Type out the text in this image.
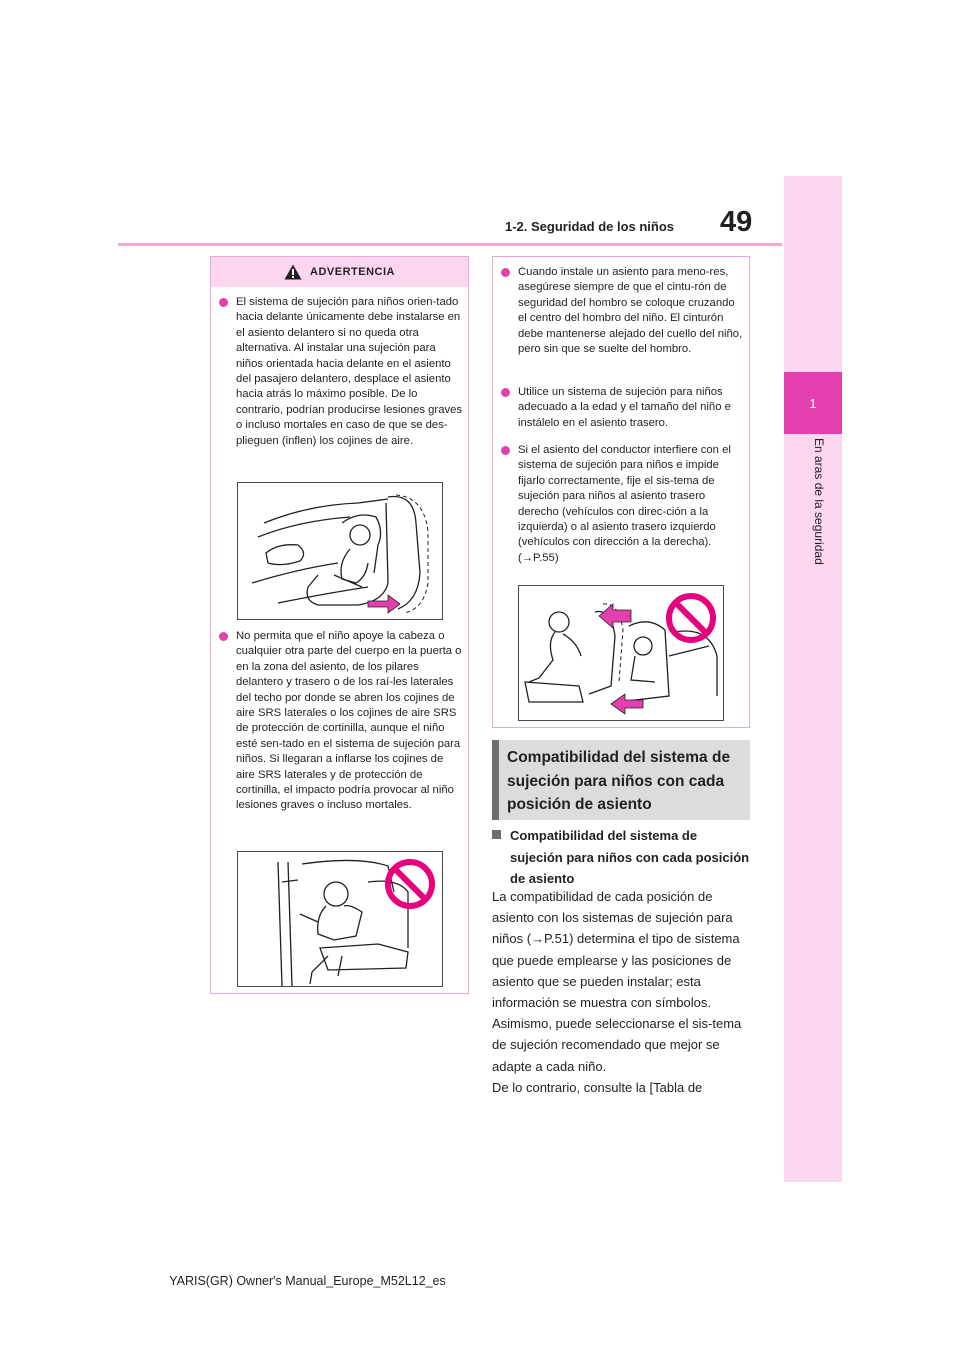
49
1-2. Seguridad de los niños
1
En aras de la seguridad
ADVERTENCIA
El sistema de sujeción para niños orien-tado hacia delante únicamente debe instalarse en el asiento delantero si no queda otra alternativa. Al instalar una sujeción para niños orientada hacia delante en el asiento del pasajero delantero, desplace el asiento hacia atrás lo máximo posible. De lo contrario, podrían producirse lesiones graves o incluso mortales en caso de que se des-plieguen (inflen) los cojines de aire.
No permita que el niño apoye la cabeza o cualquier otra parte del cuerpo en la puerta o en la zona del asiento, de los pilares delantero y trasero o de los raí-les laterales del techo por donde se abren los cojines de aire SRS laterales o los cojines de aire SRS de protección de cortinilla, aunque el niño esté sen-tado en el sistema de sujeción para niños. Si llegaran a inflarse los cojines de aire SRS laterales y de protección de cortinilla, el impacto podría provocar al niño lesiones graves o incluso mortales.
Cuando instale un asiento para meno-res, asegúrese siempre de que el cintu-rón de seguridad del hombro se coloque cruzando el centro del hombro del niño. El cinturón debe mantenerse alejado del cuello del niño, pero sin que se suelte del hombro.
Utilice un sistema de sujeción para niños adecuado a la edad y el tamaño del niño e instálelo en el asiento trasero.
Si el asiento del conductor interfiere con el sistema de sujeción para niños e impide fijarlo correctamente, fije el sis-tema de sujeción para niños al asiento trasero derecho (vehículos con direc-ción a la izquierda) o al asiento trasero izquierdo (vehículos con dirección a la derecha). (→P.55)
Compatibilidad del sistema de sujeción para niños con cada posición de asiento
Compatibilidad del sistema de sujeción para niños con cada posición de asiento

La compatibilidad de cada posición de asiento con los sistemas de sujeción para niños (→P.51) determina el tipo de sistema que puede emplearse y las posiciones de asiento que se pueden instalar; esta información se muestra con símbolos.

Asimismo, puede seleccionarse el sis-tema de sujeción recomendado que mejor se adapte a cada niño.

De lo contrario, consulte la [Tabla de

YARIS(GR) Owner's Manual_Europe_M52L12_es
